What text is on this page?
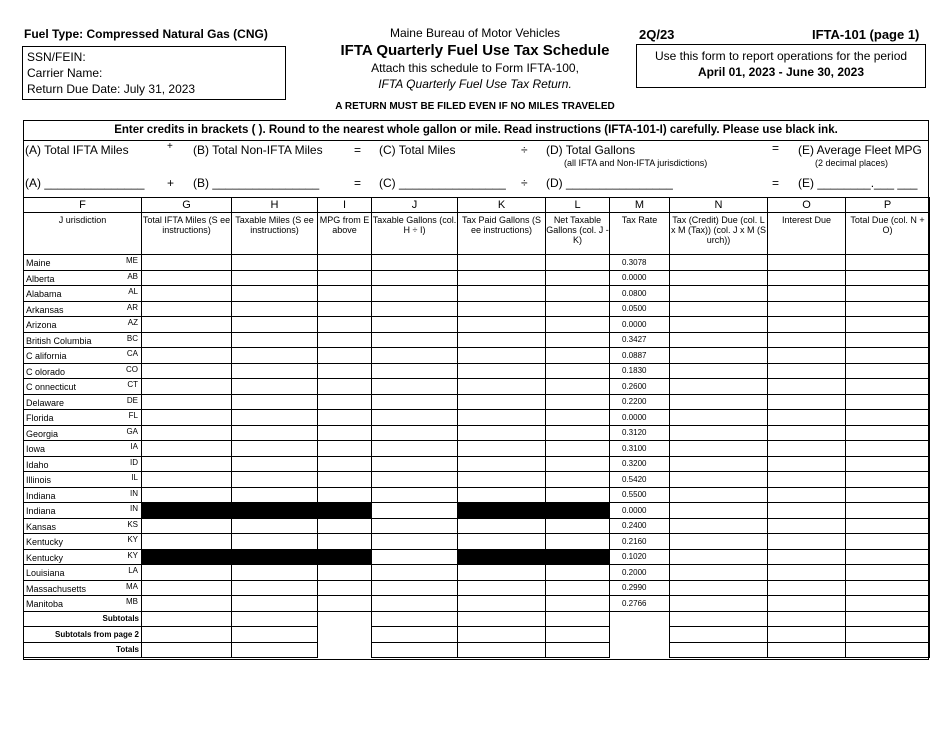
Fuel Type: Compressed Natural Gas (CNG)
SSN/FEIN:
Carrier Name:
Return Due Date: July 31, 2023
Maine Bureau of Motor Vehicles
IFTA Quarterly Fuel Use Tax Schedule
Attach this schedule to Form IFTA-100,
IFTA Quarterly Fuel Use Tax Return.
A RETURN MUST BE FILED EVEN IF NO MILES TRAVELED
2Q/23	IFTA-101 (page 1)
Use this form to report operations for the period
April 01, 2023 - June 30, 2023
Enter credits in brackets ( ). Round to the nearest whole gallon or mile. Read instructions (IFTA-101-I) carefully. Please use black ink.
(A) Total IFTA Miles	+ (B) Total Non-IFTA Miles	= (C) Total Miles	÷ (D) Total Gallons
(all IFTA and Non-IFTA jurisdictions)
= (E) Average Fleet MPG
(2 decimal places)
(A) _______________ + (B) ________________	= (C) ________________ ÷ (D) ________________	= (E) ________.___ ___
F	G	H	I	J	K	L	M	N	O	P
J urisdiction	Total IFTA Miles (S ee instructions)	Taxable Miles (S ee instructions)	MPG from E above	Taxable Gallons (col. H ÷ I)	Tax Paid Gallons (S ee instructions)	Net Taxable Gallons (col. J - K)	Tax Rate	Tax (Credit) Due (col. L x M (Tax)) (col. J x M (S urch))	Interest Due	Total Due (col. N + O)

Maine ME							0.3078			

Alberta AB							0.0000			

Alabama AL							0.0800			

Arkansas AR							0.0500			

Arizona AZ							0.0000			

British Columbia BC							0.3427			

C alifornia CA							0.0887			

C olorado CO							0.1830			

C onnecticut CT							0.2600			

Delaware DE							0.2200			

Florida FL							0.0000			

Georgia GA							0.3120			

Iowa IA							0.3100			

Idaho ID							0.3200			

Illinois IL							0.5420			

Indiana IN							0.5500			

Indiana IN							0.0000			

Kansas KS							0.2400			

Kentucky KY							0.2160			

Kentucky KY							0.1020			

Louisiana LA							0.2000			

Massachusetts MA							0.2990			

Manitoba MB							0.2766			
Subtotals										
Subtotals from page 2										
Totals										
